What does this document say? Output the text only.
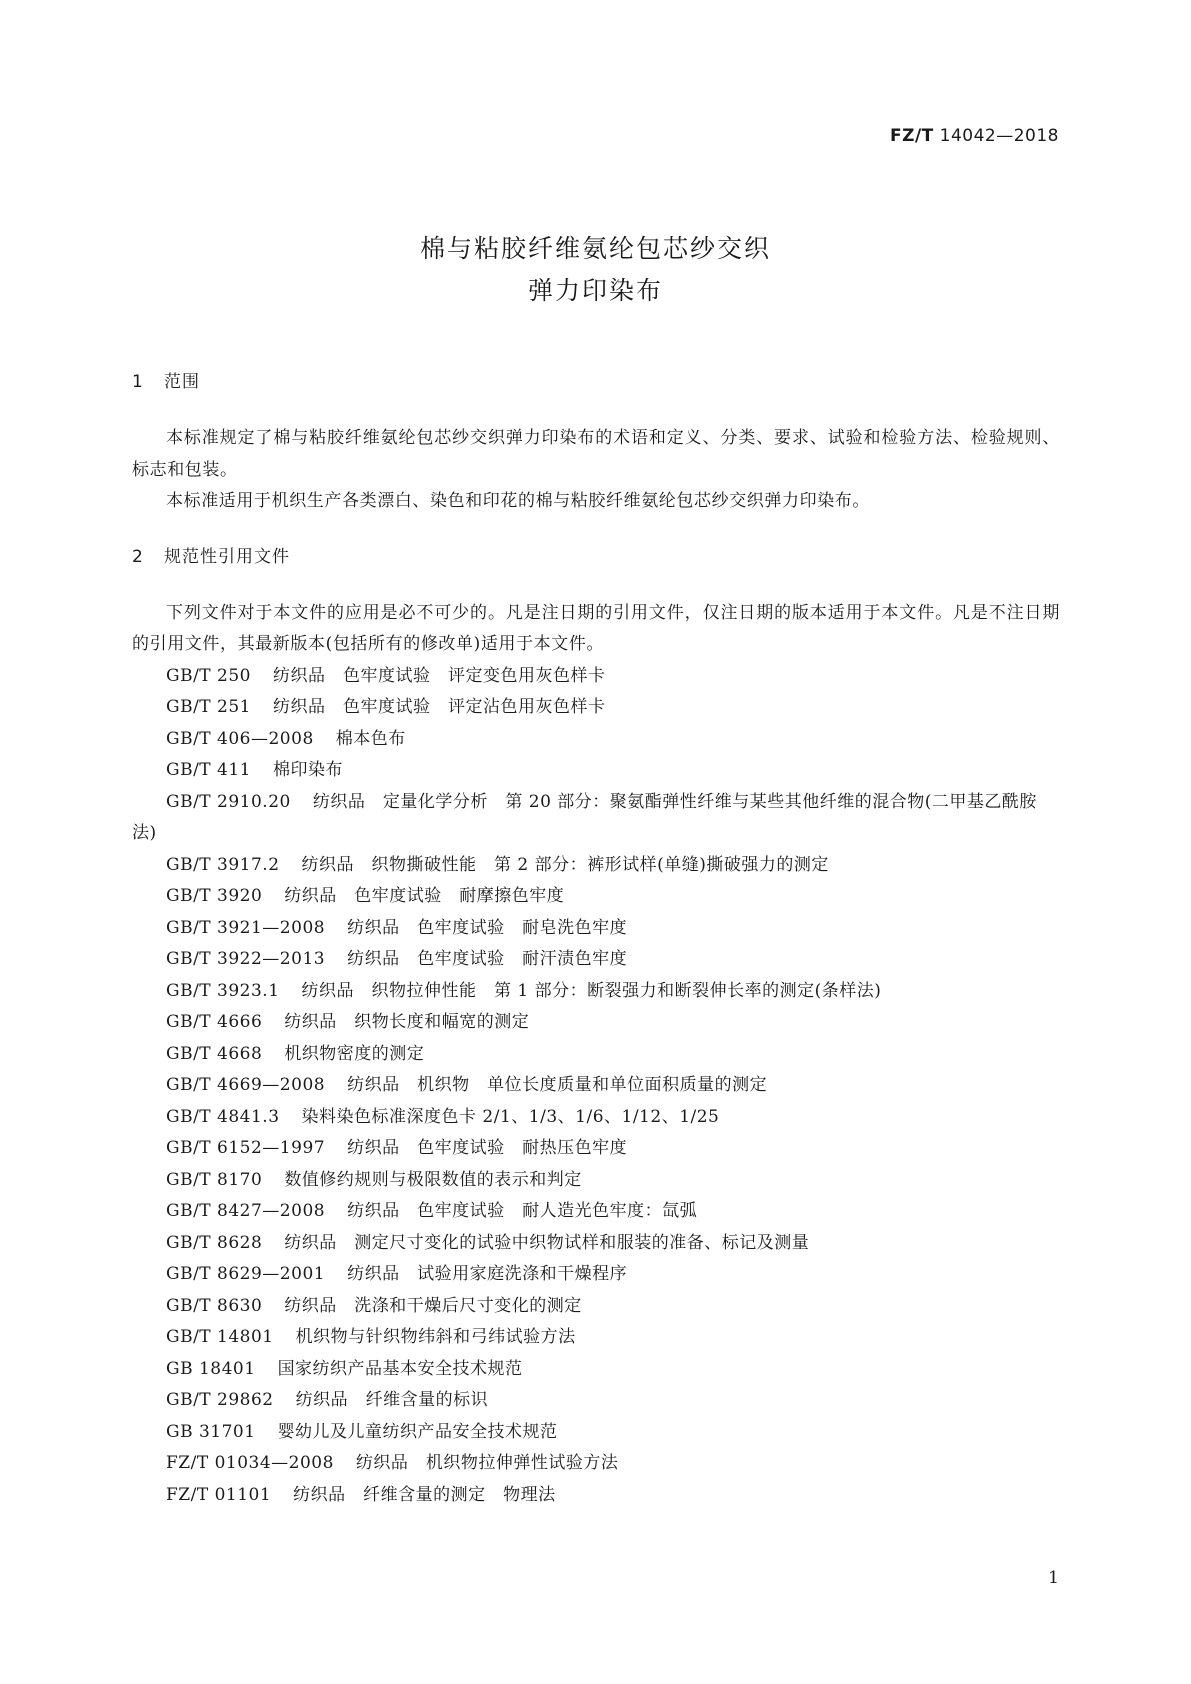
FZ/T 14042—2018
棉与粘胶纤维氨纶包芯纱交织
弹力印染布
1 范围
本标准规定了棉与粘胶纤维氨纶包芯纱交织弹力印染布的术语和定义、分类、要求、试验和检验方法、检验规则、标志和包装。
本标准适用于机织生产各类漂白、染色和印花的棉与粘胶纤维氨纶包芯纱交织弹力印染布。
2 规范性引用文件
下列文件对于本文件的应用是必不可少的。凡是注日期的引用文件，仅注日期的版本适用于本文件。凡是不注日期的引用文件，其最新版本(包括所有的修改单)适用于本文件。
GB/T 250 纺织品　色牢度试验　评定变色用灰色样卡
GB/T 251 纺织品　色牢度试验　评定沾色用灰色样卡
GB/T 406—2008 棉本色布
GB/T 411 棉印染布
GB/T 2910.20 纺织品　定量化学分析　第 20 部分：聚氨酯弹性纤维与某些其他纤维的混合物(二甲基乙酰胺法)
GB/T 3917.2 纺织品　织物撕破性能　第 2 部分：裤形试样(单缝)撕破强力的测定
GB/T 3920 纺织品　色牢度试验　耐摩擦色牢度
GB/T 3921—2008 纺织品　色牢度试验　耐皂洗色牢度
GB/T 3922—2013 纺织品　色牢度试验　耐汗渍色牢度
GB/T 3923.1 纺织品　织物拉伸性能　第 1 部分：断裂强力和断裂伸长率的测定(条样法)
GB/T 4666 纺织品　织物长度和幅宽的测定
GB/T 4668 机织物密度的测定
GB/T 4669—2008 纺织品　机织物　单位长度质量和单位面积质量的测定
GB/T 4841.3 染料染色标准深度色卡 2/1、1/3、1/6、1/12、1/25
GB/T 6152—1997 纺织品　色牢度试验　耐热压色牢度
GB/T 8170 数值修约规则与极限数值的表示和判定
GB/T 8427—2008 纺织品　色牢度试验　耐人造光色牢度：氙弧
GB/T 8628 纺织品　测定尺寸变化的试验中织物试样和服装的准备、标记及测量
GB/T 8629—2001 纺织品　试验用家庭洗涤和干燥程序
GB/T 8630 纺织品　洗涤和干燥后尺寸变化的测定
GB/T 14801 机织物与针织物纬斜和弓纬试验方法
GB 18401 国家纺织产品基本安全技术规范
GB/T 29862 纺织品　纤维含量的标识
GB 31701 婴幼儿及儿童纺织产品安全技术规范
FZ/T 01034—2008 纺织品　机织物拉伸弹性试验方法
FZ/T 01101 纺织品　纤维含量的测定　物理法
1
